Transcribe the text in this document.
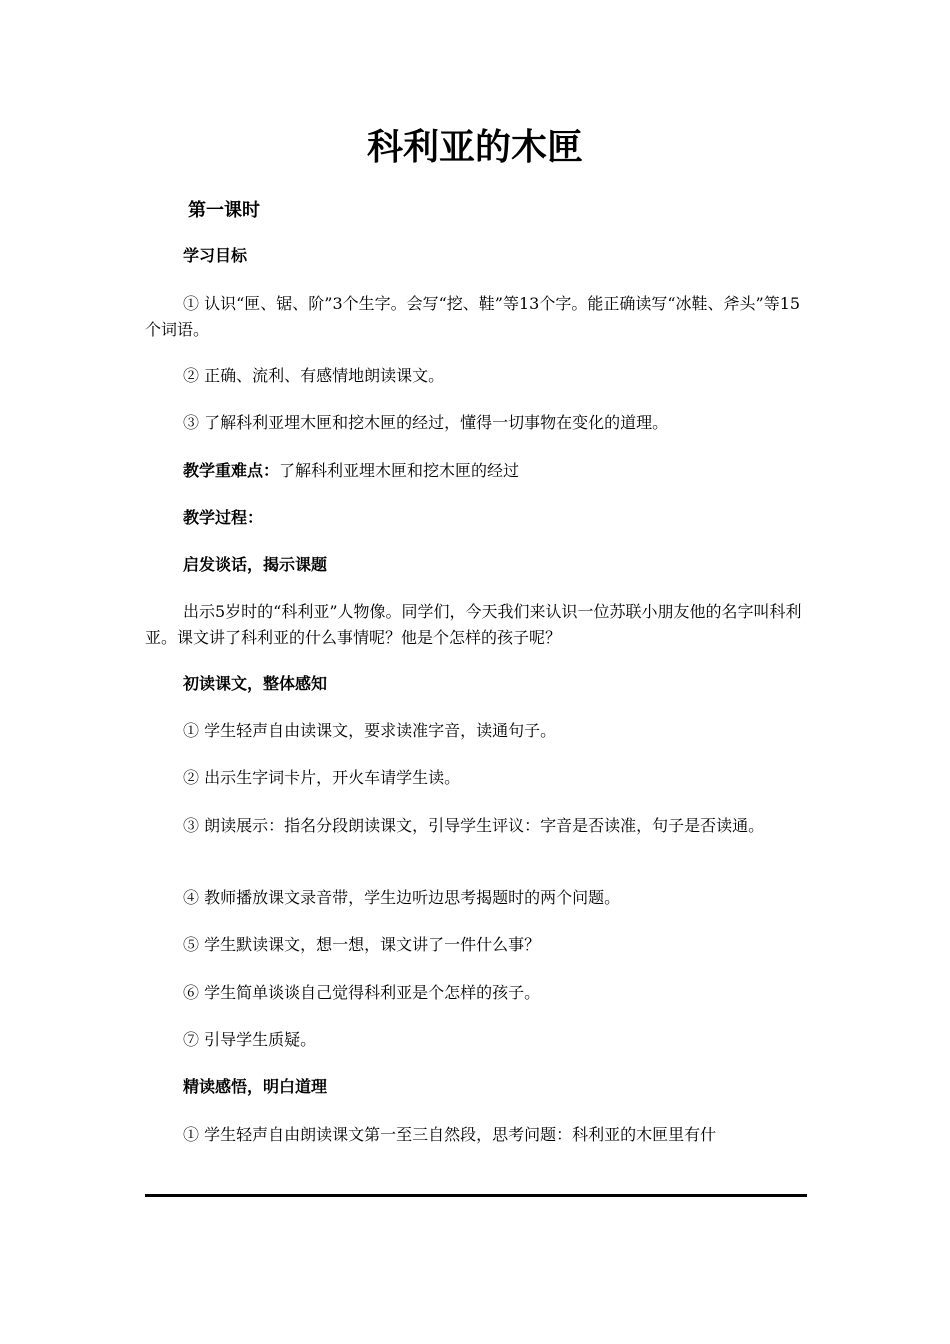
科利亚的木匣
第一课时
学习目标
① 认识“匣、锯、阶”3个生字。会写“挖、鞋”等13个字。能正确读写“冰鞋、斧头”等15个词语。
② 正确、流利、有感情地朗读课文。
③ 了解科利亚埋木匣和挖木匣的经过，懂得一切事物在变化的道理。
教学重难点：了解科利亚埋木匣和挖木匣的经过
教学过程：
启发谈话，揭示课题
出示5岁时的“科利亚”人物像。同学们，今天我们来认识一位苏联小朋友他的名字叫科利亚。课文讲了科利亚的什么事情呢？他是个怎样的孩子呢？
初读课文，整体感知
① 学生轻声自由读课文，要求读准字音，读通句子。
② 出示生字词卡片，开火车请学生读。
③ 朗读展示：指名分段朗读课文，引导学生评议：字音是否读准，句子是否读通。
④ 教师播放课文录音带，学生边听边思考揭题时的两个问题。
⑤ 学生默读课文，想一想，课文讲了一件什么事？
⑥ 学生简单谈谈自己觉得科利亚是个怎样的孩子。
⑦ 引导学生质疑。
精读感悟，明白道理
① 学生轻声自由朗读课文第一至三自然段，思考问题：科利亚的木匣里有什
